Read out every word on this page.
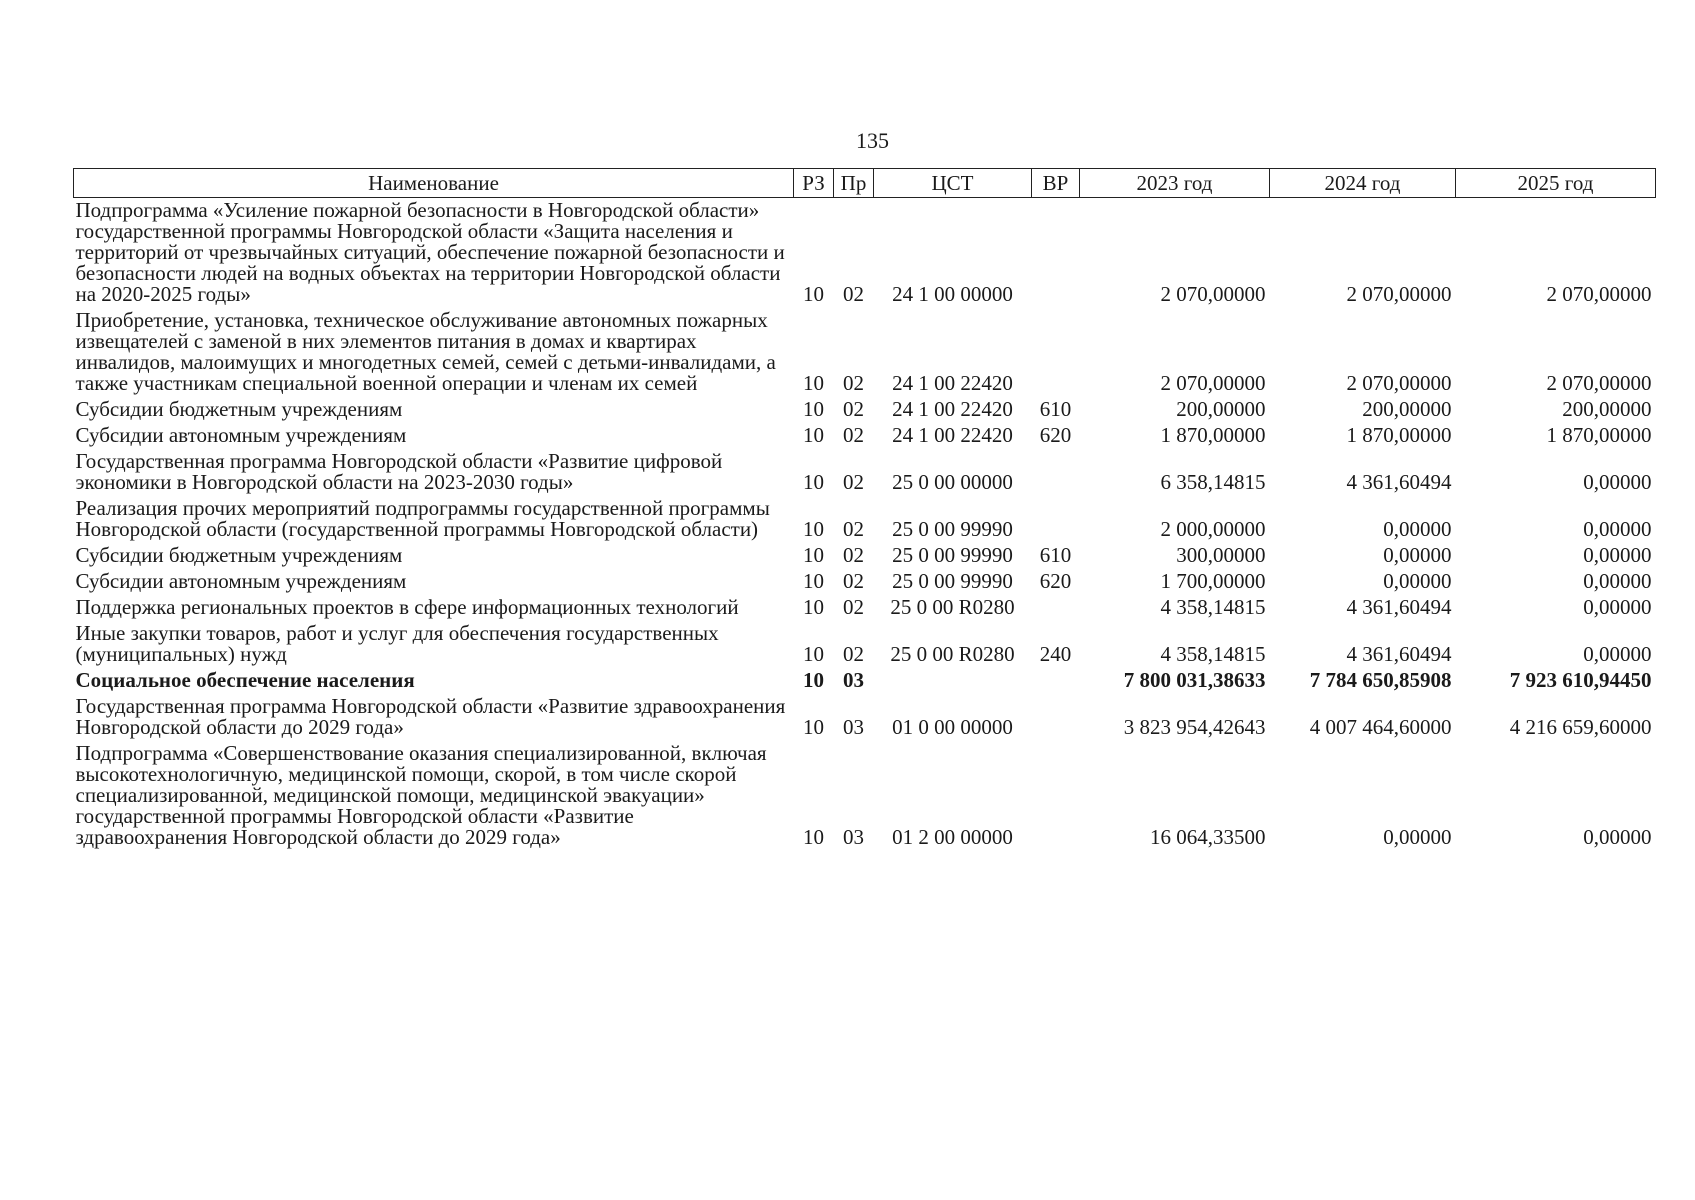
135
Наименование	РЗ	Пр	ЦСТ	ВР	2023 год	2024 год	2025 год
Подпрограмма «Усиление пожарной безопасности в Новгородской области» государственной программы Новгородской области «Защита населения и территорий от чрезвычайных ситуаций, обеспечение пожарной безопасности и безопасности людей на водных объектах на территории Новгородской области на 2020-2025 годы»	10	02	24 1 00 00000		2 070,00000	2 070,00000	2 070,00000
Приобретение, установка, техническое обслуживание автономных пожарных извещателей с заменой в них элементов питания в домах и квартирах инвалидов, малоимущих и многодетных семей, семей с детьми-инвалидами, а также участникам специальной военной операции и членам их семей	10	02	24 1 00 22420		2 070,00000	2 070,00000	2 070,00000
Субсидии бюджетным учреждениям	10	02	24 1 00 22420	610	200,00000	200,00000	200,00000
Субсидии автономным учреждениям	10	02	24 1 00 22420	620	1 870,00000	1 870,00000	1 870,00000
Государственная программа Новгородской области «Развитие цифровой экономики в Новгородской области на 2023-2030 годы»	10	02	25 0 00 00000		6 358,14815	4 361,60494	0,00000
Реализация прочих мероприятий подпрограммы государственной программы Новгородской области (государственной программы Новгородской области)	10	02	25 0 00 99990		2 000,00000	0,00000	0,00000
Субсидии бюджетным учреждениям	10	02	25 0 00 99990	610	300,00000	0,00000	0,00000
Субсидии автономным учреждениям	10	02	25 0 00 99990	620	1 700,00000	0,00000	0,00000
Поддержка региональных проектов в сфере информационных технологий	10	02	25 0 00 R0280		4 358,14815	4 361,60494	0,00000
Иные закупки товаров, работ и услуг для обеспечения государственных (муниципальных) нужд	10	02	25 0 00 R0280	240	4 358,14815	4 361,60494	0,00000
Социальное обеспечение населения	10	03			7 800 031,38633	7 784 650,85908	7 923 610,94450
Государственная программа Новгородской области «Развитие здравоохранения Новгородской области до 2029 года»	10	03	01 0 00 00000		3 823 954,42643	4 007 464,60000	4 216 659,60000
Подпрограмма «Совершенствование оказания специализированной, включая высокотехнологичную, медицинской помощи, скорой, в том числе скорой специализированной, медицинской помощи, медицинской эвакуации» государственной программы Новгородской области «Развитие здравоохранения Новгородской области до 2029 года»	10	03	01 2 00 00000		16 064,33500	0,00000	0,00000
